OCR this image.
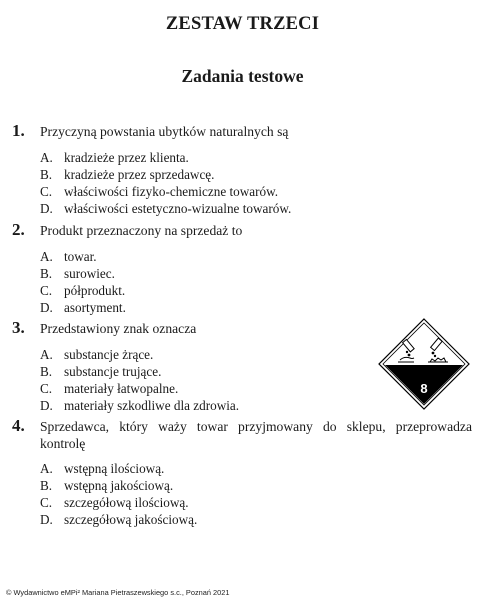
ZESTAW TRZECI
Zadania testowe
1.	Przyczyną powstania ubytków naturalnych są
A. kradzieże przez klienta.
B. kradzieże przez sprzedawcę.
C. właściwości fizyko-chemiczne towarów.
D. właściwości estetyczno-wizualne towarów.
2.	Produkt przeznaczony na sprzedaż to
A. towar.
B. surowiec.
C. półprodukt.
D. asortyment.
3.	Przedstawiony znak oznacza
A. substancje żrące.
B. substancje trujące.
C. materiały łatwopalne.
D. materiały szkodliwe dla zdrowia.
8
4.	Sprzedawca, który waży towar przyjmowany do sklepu, przeprowadza kontrolę
A. wstępną ilościową.
B. wstępną jakościową.
C. szczegółową ilościową.
D. szczegółową jakościową.
© Wydawnictwo eMPi² Mariana Pietraszewskiego s.c., Poznań 2021
